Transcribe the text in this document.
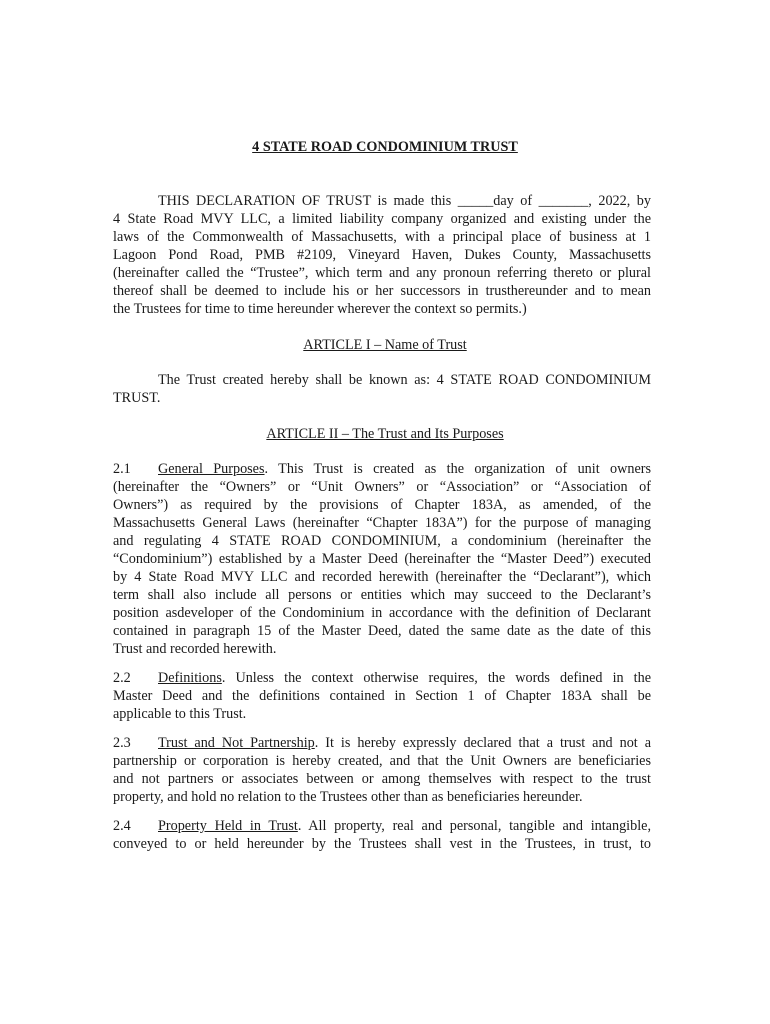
4 STATE ROAD CONDOMINIUM TRUST

THIS DECLARATION OF TRUST is made this _____day of _______, 2022, by

4 State Road MVY LLC, a limited liability company organized and existing under the

laws of the Commonwealth of Massachusetts, with a principal place of business at 1

Lagoon Pond Road, PMB #2109, Vineyard Haven, Dukes County, Massachusetts

(hereinafter called the “Trustee”, which term and any pronoun referring thereto or plural

thereof shall be deemed to include his or her successors in trusthereunder and to mean

the Trustees for time to time hereunder wherever the context so permits.)

ARTICLE I – Name of Trust

The Trust created hereby shall be known as: 4 STATE ROAD CONDOMINIUM

TRUST.

ARTICLE II – The Trust and Its Purposes

2.1 General Purposes. This Trust is created as the organization of unit owners

(hereinafter the “Owners” or “Unit Owners” or “Association” or “Association of

Owners”) as required by the provisions of Chapter 183A, as amended, of the

Massachusetts General Laws (hereinafter “Chapter 183A”) for the purpose of managing

and regulating 4 STATE ROAD CONDOMINIUM, a condominium (hereinafter the

“Condominium”) established by a Master Deed (hereinafter the “Master Deed”) executed

by 4 State Road MVY LLC and recorded herewith (hereinafter the “Declarant”), which

term shall also include all persons or entities which may succeed to the Declarant’s

position asdeveloper of the Condominium in accordance with the definition of Declarant

contained in paragraph 15 of the Master Deed, dated the same date as the date of this

Trust and recorded herewith.

2.2 Definitions. Unless the context otherwise requires, the words defined in the

Master Deed and the definitions contained in Section 1 of Chapter 183A shall be

applicable to this Trust.

2.3 Trust and Not Partnership. It is hereby expressly declared that a trust and not a

partnership or corporation is hereby created, and that the Unit Owners are beneficiaries

and not partners or associates between or among themselves with respect to the trust

property, and hold no relation to the Trustees other than as beneficiaries hereunder.

2.4 Property Held in Trust. All property, real and personal, tangible and intangible,

conveyed to or held hereunder by the Trustees shall vest in the Trustees, in trust, to
